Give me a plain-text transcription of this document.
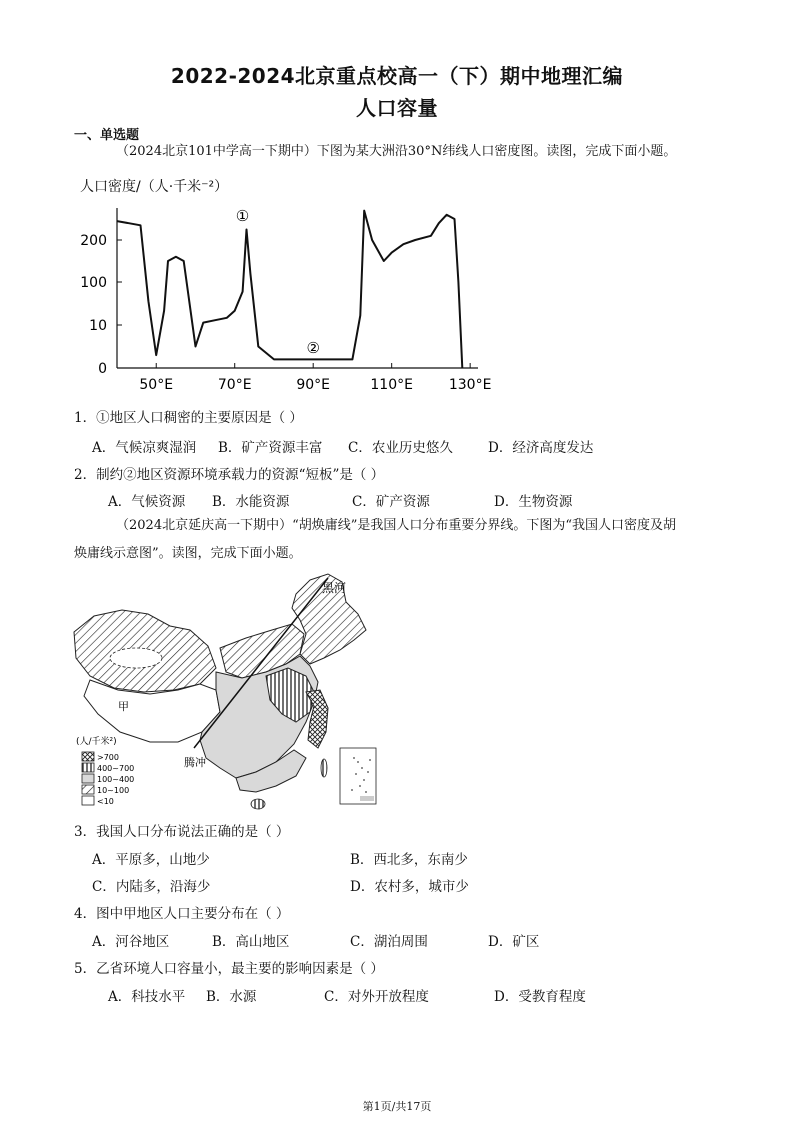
2022-2024北京重点校高一（下）期中地理汇编
人口容量
一、单选题
（2024北京101中学高一下期中）下图为某大洲沿30°N纬线人口密度图。读图，完成下面小题。
人口密度/（人·千米⁻²）
50°E	70°E	90°E	110°E	130°E
0
10
100
200
①
②
1．①地区人口稠密的主要原因是（ ）
A．气候凉爽湿润 B．矿产资源丰富 C．农业历史悠久	D．经济高度发达
2．制约②地区资源环境承载力的资源“短板”是（ ）
A．气候资源 B．水能资源	C．矿产资源	D．生物资源
（2024北京延庆高一下期中）“胡焕庸线”是我国人口分布重要分界线。下图为“我国人口密度及胡
焕庸线示意图”。读图，完成下面小题。
(人/千米²)
>700
400~700
100~400
10~100
<10
黑河
甲
腾冲
3．我国人口分布说法正确的是（ ）
A．平原多，山地少	B．西北多，东南少
C．内陆多，沿海少	D．农村多，城市少
4．图中甲地区人口主要分布在（ ）
A．河谷地区	B．高山地区	C．湖泊周围	D．矿区
5．乙省环境人口容量小，最主要的影响因素是（ ）
A．科技水平 B．水源	C．对外开放程度	D．受教育程度
第1页/共17页
